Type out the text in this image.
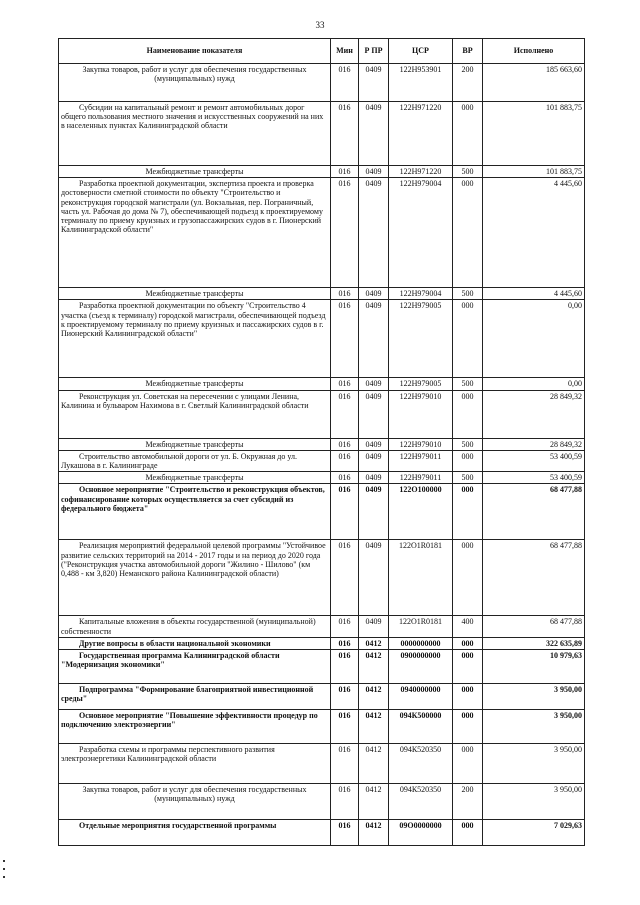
33
Наименование показателя	Мин	Р ПР	ЦСР	ВР	Исполнено
Закупка товаров, работ и услуг для обеспечения государственных (муниципальных) нужд	016	0409	122Н953901	200	185 663,60
Субсидии на капитальный ремонт и ремонт автомобильных дорог общего пользования местного значения и искусственных сооружений на них в населенных пунктах Калининградской области	016	0409	122Н971220	000	101 883,75
Межбюджетные трансферты	016	0409	122Н971220	500	101 883,75
Разработка проектной документации, экспертиза проекта и проверка достоверности сметной стоимости по объекту "Строительство и реконструкция городской магистрали (ул. Вокзальная, пер. Пограничный, часть ул. Рабочая до дома № 7), обеспечивающей подъезд к проектируемому терминалу по приему круизных и грузопассажирских судов в г. Пионерский Калининградской области"	016	0409	122Н979004	000	4 445,60
Межбюджетные трансферты	016	0409	122Н979004	500	4 445,60
Разработка проектной документации по объекту "Строительство 4 участка (съезд к терминалу) городской магистрали, обеспечивающей подъезд к проектируемому терминалу по приему круизных и пассажирских судов в г. Пионерский Калининградской области"	016	0409	122Н979005	000	0,00
Межбюджетные трансферты	016	0409	122Н979005	500	0,00
Реконструкция ул. Советская на пересечении с улицами Ленина, Калинина и бульваром Нахимова в г. Светлый Калининградской области	016	0409	122Н979010	000	28 849,32
Межбюджетные трансферты	016	0409	122Н979010	500	28 849,32
Строительство автомобильной дороги от ул. Б. Окружная до ул. Лукашова в г. Калининграде	016	0409	122Н979011	000	53 400,59
Межбюджетные трансферты	016	0409	122Н979011	500	53 400,59
Основное мероприятие "Строительство и реконструкция объектов, софинансирование которых осуществляется за счет субсидий из федерального бюджета"	016	0409	122О100000	000	68 477,88
Реализация мероприятий федеральной целевой программы "Устойчивое развитие сельских территорий на 2014 - 2017 годы и на период до 2020 года ("Реконструкция участка автомобильной дороги "Жилино - Шилово" (км 0,488 - км 3,820) Неманского района Калининградской области)	016	0409	122О1R0181	000	68 477,88
Капитальные вложения в объекты государственной (муниципальной) собственности	016	0409	122О1R0181	400	68 477,88
Другие вопросы в области национальной экономики	016	0412	0000000000	000	322 635,89
Государственная программа Калининградской области "Модернизация экономики"	016	0412	0900000000	000	10 979,63
Подпрограмма "Формирование благоприятной инвестиционной среды"	016	0412	0940000000	000	3 950,00
Основное мероприятие "Повышение эффективности процедур по подключению электроэнергии"	016	0412	094К500000	000	3 950,00
Разработка схемы и программы перспективного развития электроэнергетики Калининградской области	016	0412	094К520350	000	3 950,00
Закупка товаров, работ и услуг для обеспечения государственных (муниципальных) нужд	016	0412	094К520350	200	3 950,00
Отдельные мероприятия государственной программы	016	0412	09О0000000	000	7 029,63
